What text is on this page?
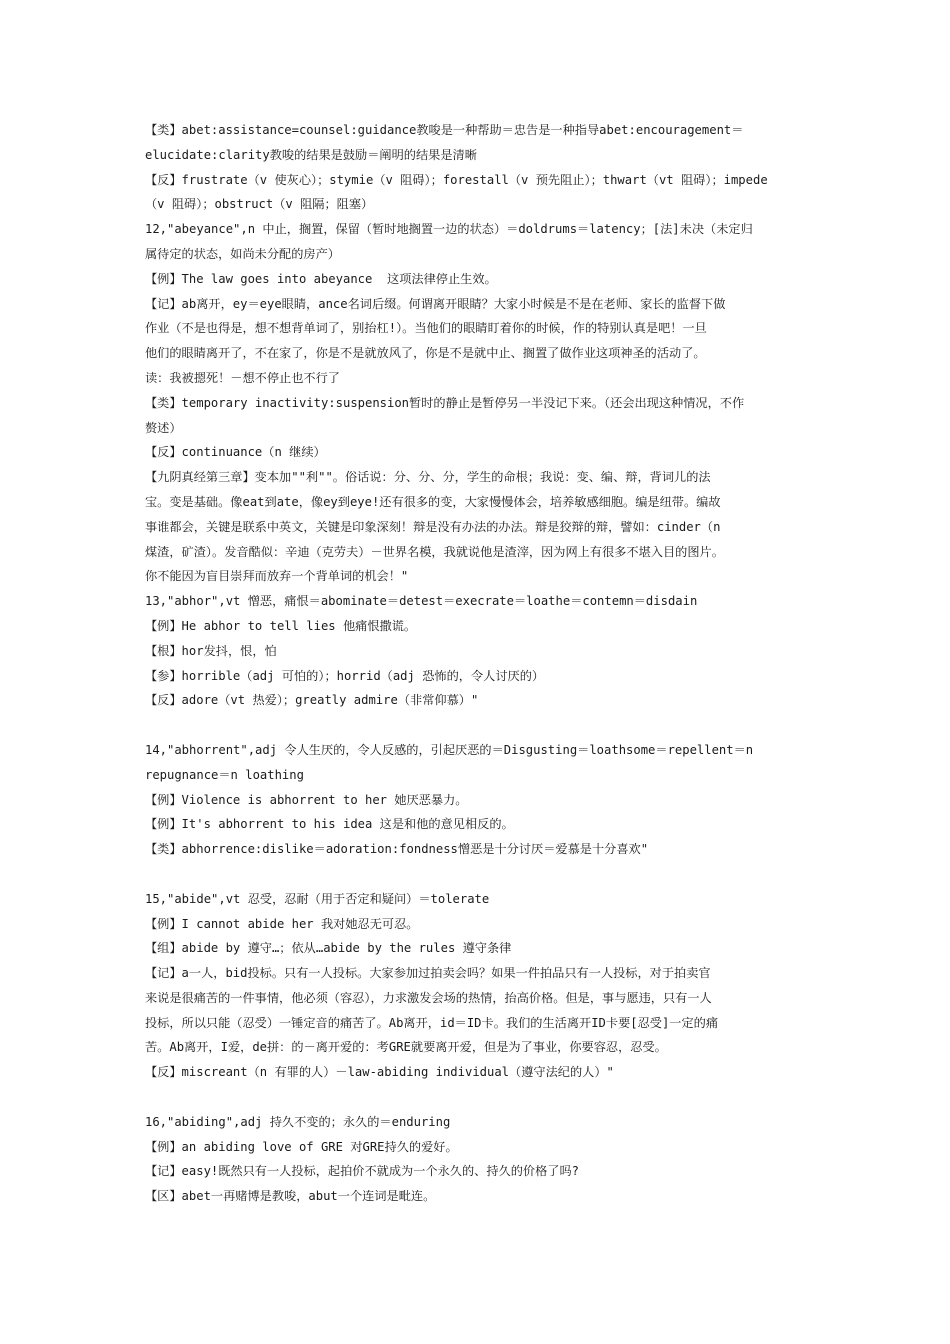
【类】abet:assistance=counsel:guidance教唆是一种帮助＝忠告是一种指导abet:encouragement＝
elucidate:clarity教唆的结果是鼓励＝阐明的结果是清晰
【反】frustrate（v 使灰心）；stymie（v 阻碍）；forestall（v 预先阻止）；thwart（vt 阻碍）；impede
（v 阻碍）；obstruct（v 阻隔；阻塞）
12,"abeyance",n 中止，搁置，保留（暂时地搁置一边的状态）＝doldrums＝latency；[法]未决（未定归
属待定的状态，如尚未分配的房产）
【例】The law goes into abeyance  这项法律停止生效。
【记】ab离开，ey＝eye眼睛，ance名词后缀。何谓离开眼睛？大家小时候是不是在老师、家长的监督下做
作业（不是也得是，想不想背单词了，别抬杠!）。当他们的眼睛盯着你的时候，作的特别认真是吧！一旦
他们的眼睛离开了，不在家了，你是不是就放风了，你是不是就中止、搁置了做作业这项神圣的活动了。
读：我被摁死！－想不停止也不行了
【类】temporary inactivity:suspension暂时的静止是暂停另一半没记下来。（还会出现这种情况，不作
赘述）
【反】continuance（n 继续）
【九阴真经第三章】变本加""利""。俗话说：分、分、分，学生的命根；我说：变、编、辩，背词儿的法
宝。变是基础。像eat到ate，像ey到eye!还有很多的变，大家慢慢体会，培养敏感细胞。编是纽带。编故
事谁都会，关键是联系中英文，关键是印象深刻！辩是没有办法的办法。辩是狡辩的辩，譬如：cinder（n
煤渣，矿渣）。发音酷似：辛迪（克劳夫）－世界名模，我就说他是渣滓，因为网上有很多不堪入目的图片。
你不能因为盲目崇拜而放弃一个背单词的机会！"
13,"abhor",vt 憎恶，痛恨＝abominate＝detest＝execrate＝loathe＝contemn＝disdain
【例】He abhor to tell lies 他痛恨撒谎。
【根】hor发抖，恨，怕
【参】horrible（adj 可怕的）；horrid（adj 恐怖的，令人讨厌的）
【反】adore（vt 热爱）；greatly admire（非常仰慕）"
14,"abhorrent",adj 令人生厌的，令人反感的，引起厌恶的＝Disgusting＝loathsome＝repellent＝n
repugnance＝n loathing
【例】Violence is abhorrent to her 她厌恶暴力。
【例】It's abhorrent to his idea 这是和他的意见相反的。
【类】abhorrence:dislike＝adoration:fondness憎恶是十分讨厌＝爱慕是十分喜欢"
15,"abide",vt 忍受，忍耐（用于否定和疑问）＝tolerate
【例】I cannot abide her 我对她忍无可忍。
【组】abide by 遵守…；依从…abide by the rules 遵守条律
【记】a一人，bid投标。只有一人投标。大家参加过拍卖会吗？如果一件拍品只有一人投标，对于拍卖官
来说是很痛苦的一件事情，他必须（容忍），力求激发会场的热情，抬高价格。但是，事与愿违，只有一人
投标，所以只能（忍受）一锤定音的痛苦了。Ab离开，id＝ID卡。我们的生活离开ID卡要[忍受]一定的痛
苦。Ab离开，I爱，de拼：的－离开爱的：考GRE就要离开爱，但是为了事业，你要容忍，忍受。
【反】miscreant（n 有罪的人）－law-abiding individual（遵守法纪的人）"
16,"abiding",adj 持久不变的；永久的＝enduring
【例】an abiding love of GRE 对GRE持久的爱好。
【记】easy!既然只有一人投标，起拍价不就成为一个永久的、持久的价格了吗?
【区】abet一再赌博是教唆，abut一个连词是毗连。
